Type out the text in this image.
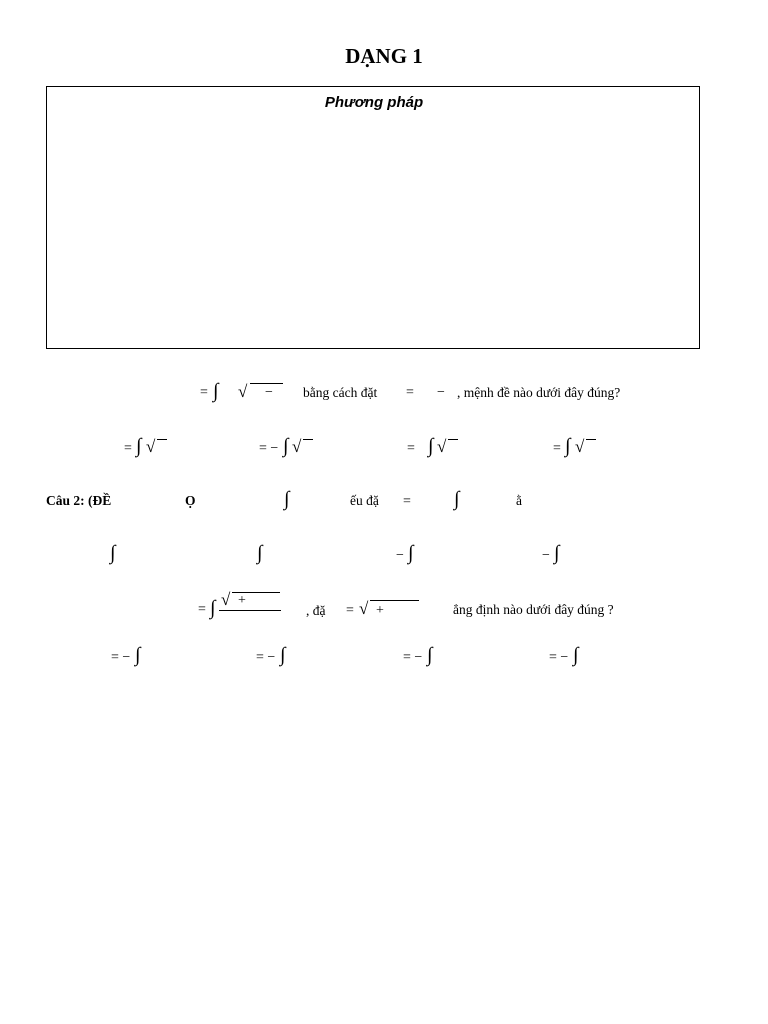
DẠNG 1
Phương pháp
= ∫ √ − bằng cách đặt = − , mệnh đề nào dưới đây đúng?
= ∫ √	= − ∫ √	= ∫ √	= ∫ √
Câu 2: (ĐỀ	Ọ	∫	ếu đặ = ∫	ằ
∫	∫	− ∫	− ∫
= ∫ √ +
, đặ = √ +	ẳng định nào dưới đây đúng ?
= − ∫	= − ∫	= − ∫	= − ∫
